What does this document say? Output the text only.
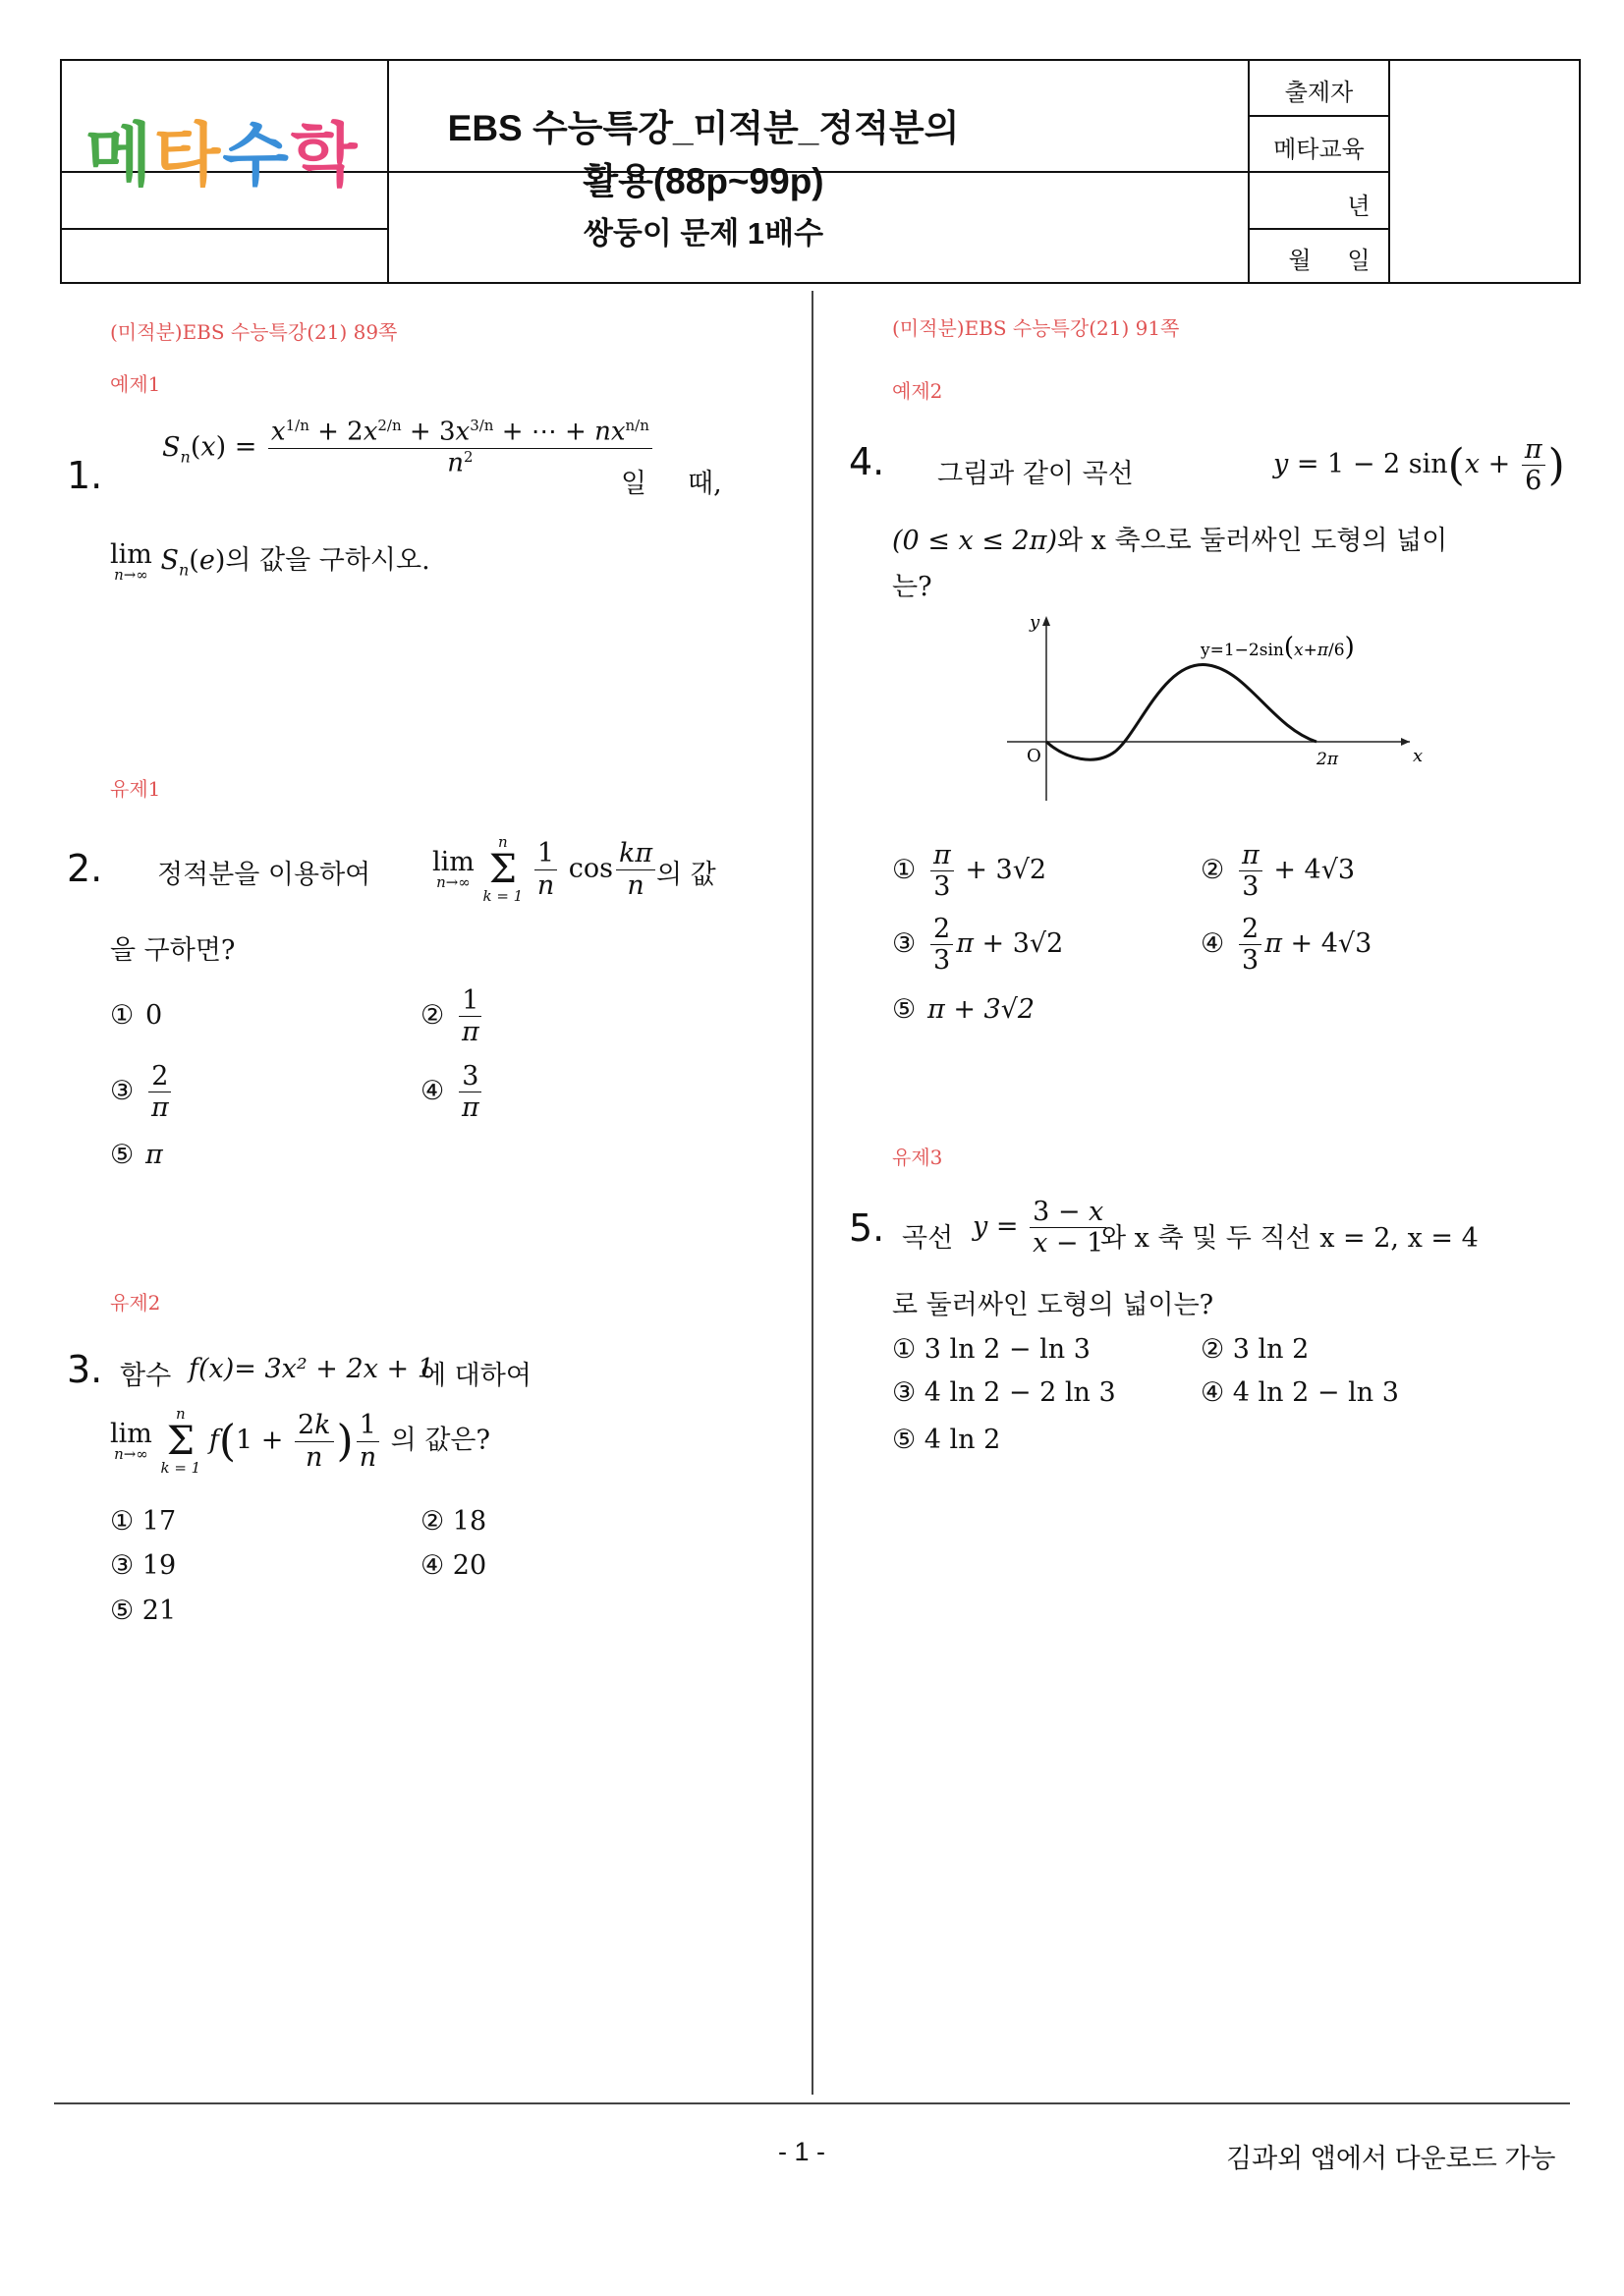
메타수학	EBS 수능특강_미적분_정적분의 활용(88p~99p)
쌍둥이 문제 1배수
출제자
메타교육
년
월	일
(미적분)EBS 수능특강(21) 89쪽
예제1
1.
$S_n(x) = \frac{x^{1/n} + 2x^{2/n} + 3x^{3/n} + \cdots + nx^{n/n}}{n^2}$
일 때,
lim
n→∞ $S_n(e)$의 값을 구하시오.
유제1
2. 정적분을 이용하여 lim
n→∞

n
Σ
k = 1
$\frac{1}{n}$ $\cos \frac{k\pi}{n}$ 의 값
을 구하면?
① 0	② $\frac{1}{\pi}$
③ $\frac{2}{\pi}$	④ $\frac{3}{\pi}$
⑤ π
유제2
3. 함수 f(x)= 3x² + 2x + 1
에 대하여
lim
n→∞

n
Σ
k = 1
$f(1 + \frac{2k}{n}$ ) $\frac{1}{n}$ 의 값은?
① 17	② 18
③ 19	④ 20
⑤ 21
(미적분)EBS 수능특강(21) 91쪽
예제2
4. 그림과 같이 곡선	y = 1 − 2 $\sin(x + \frac{\pi}{6}$ )
(0 ≤ x ≤ 2π)와 x 축으로 둘러싸인 도형의 넓이
는?
y
x
O	2π
y=1−2sin(x+π/6)
① $\frac{\pi}{3} + 3√2$	② $\frac{\pi}{3} + 4√3$
③ $\frac{2}{3}$ π + 3√2	④ $\frac{2}{3}$ π + 4√3
⑤ π + 3√2
유제3
5. 곡선 $y = \frac{3 - x}{x - 1}$
와 x 축 및 두 직선 x = 2, x = 4
로 둘러싸인 도형의 넓이는?
① 3 ln 2 − ln 3	② 3 ln 2
③ 4 ln 2 − 2 ln 3	④ 4 ln 2 − ln 3
⑤ 4 ln 2
- 1 -	김과외 앱에서 다운로드 가능
